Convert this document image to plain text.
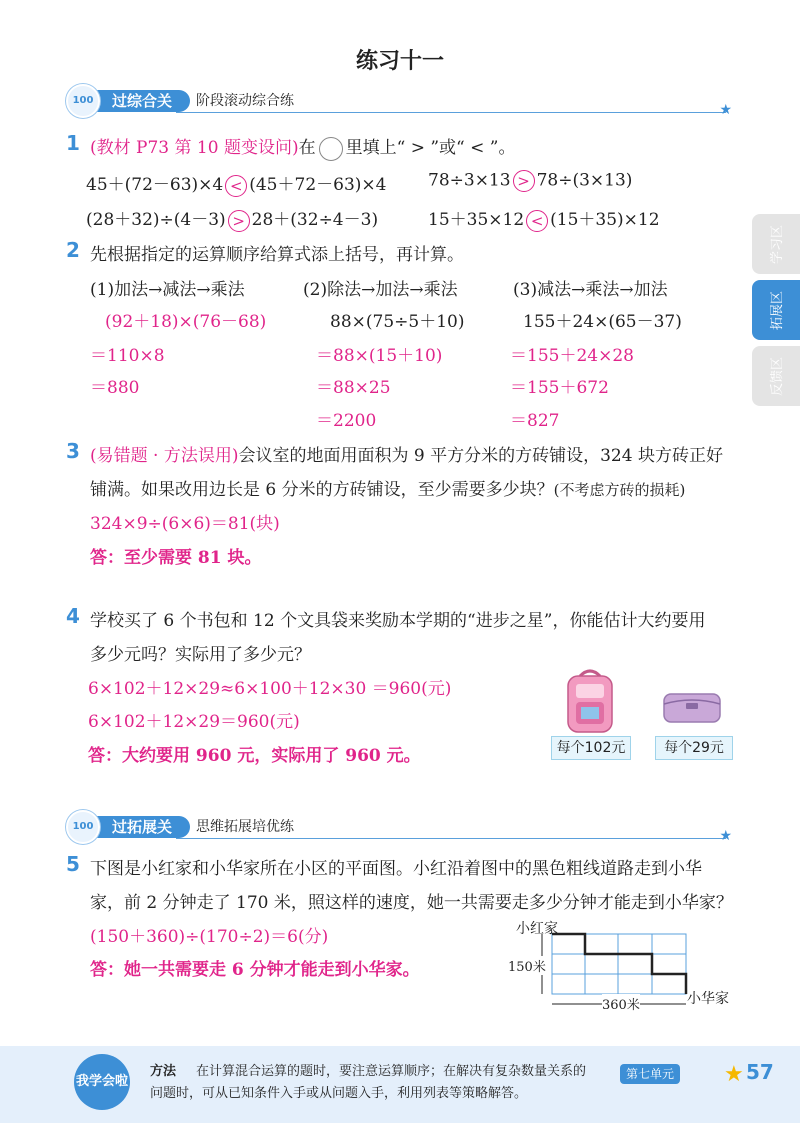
练习十一
过综合关
100	阶段滚动综合练
★
1 (教材 P73 第 10 题变设问)在 里填上“ > ”或“ < ”。
45＋(72－63)×4 < (45＋72－63)×4 78÷3×13 > 78÷(3×13)
(28＋32)÷(4－3) > 28＋(32÷4－3)	15＋35×12 < (15＋35)×12
2 先根据指定的运算顺序给算式添上括号，再计算。
(1)加法→减法→乘法
(92＋18)×(76－68)
＝110×8
＝880
(2)除法→加法→乘法
88×(75÷5＋10)
＝88×(15＋10)
＝88×25
＝2200
(3)减法→乘法→加法
155＋24×(65－37)
＝155＋24×28
＝155＋672
＝827
3 (易错题 · 方法误用)会议室的地面用面积为 9 平方分米的方砖铺设，324 块方砖正好
铺满。如果改用边长是 6 分米的方砖铺设，至少需要多少块？(不考虑方砖的损耗)
324×9÷(6×6)＝81(块)
答：至少需要 81 块。
4 学校买了 6 个书包和 12 个文具袋来奖励本学期的“进步之星”，你能估计大约要用
多少元吗？实际用了多少元？
6×102＋12×29≈6×100＋12×30 ＝960(元)
6×102＋12×29＝960(元)
答：大约要用 960 元，实际用了 960 元。	每个102元	每个29元
过拓展关
100	思维拓展培优练
★
5 下图是小红家和小华家所在小区的平面图。小红沿着图中的黑色粗线道路走到小华
家，前 2 分钟走了 170 米，照这样的速度，她一共需要走多少分钟才能走到小华家？
(150＋360)÷(170÷2)＝6(分)
答：她一共需要走 6 分钟才能走到小华家。
小红家
小华家
150米
360米
学习区
拓展区
反馈区
我学会啦
方法 在计算混合运算的题时，要注意运算顺序；在解决有复杂数量关系的
问题时，可从已知条件入手或从问题入手，利用列表等策略解答。
第七单元 ★ 57
